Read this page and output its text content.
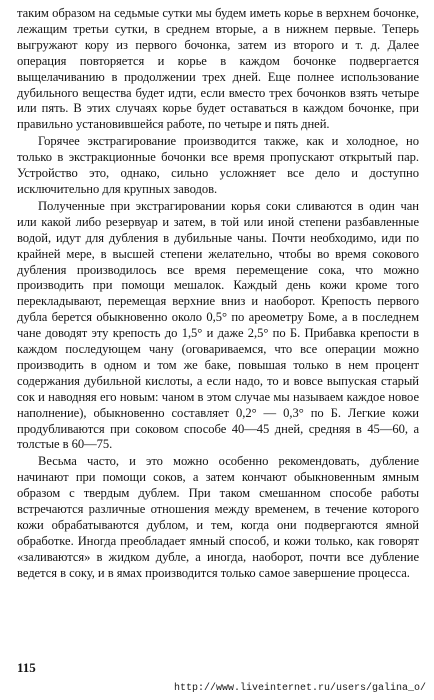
таким образом на седьмые сутки мы будем иметь корье в верхнем бочонке, лежащим третьи сутки, в среднем вторые, а в нижнем первые. Теперь выгружают кору из первого бочонка, затем из второго и т. д. Далее операция повторяется и корье в каждом бочонке подвергается выщелачиванию в продолжении трех дней. Еще полнее использование дубильного вещества будет идти, если вместо трех бочонков взять четыре или пять. В этих случаях корье будет оставаться в каждом бочонке, при правильно установившейся работе, по четыре и пять дней.

Горячее экстрагирование производится также, как и холодное, но только в экстракционные бочонки все время пропускают открытый пар. Устройство это, однако, сильно усложняет все дело и доступно исключительно для крупных заводов.

Полученные при экстрагировании корья соки сливаются в один чан или какой либо резервуар и затем, в той или иной степени разбавленные водой, идут для дубления в дубильные чаны. Почти необходимо, иди по крайней мере, в высшей степени желательно, чтобы во время сокового дубления производилось все время перемещение сока, что можно производить при помощи мешалок. Каждый день кожи кроме того перекладывают, перемещая верхние вниз и наоборот. Крепость первого дубла берется обыкновенно около 0,5° по ареометру Боме, а в последнем чане доводят эту крепость до 1,5° и даже 2,5° по Б. Прибавка крепости в каждом последующем чану (оговариваемся, что все операции можно производить в одном и том же баке, повышая только в нем процент содержания дубильной кислоты, а если надо, то и вовсе выпуская старый сок и наводняя его новым: чаном в этом случае мы называем каждое новое наполнение), обыкновенно составляет 0,2° — 0,3° по Б. Легкие кожи продубливаются при соковом способе 40—45 дней, средняя в 45—60, а толстые в 60—75.

Весьма часто, и это можно особенно рекомендовать, дубление начинают при помощи соков, а затем кончают обыкновенным ямным образом с твердым дублем. При таком смешанном способе работы встречаются различные отношения между временем, в течение которого кожи обрабатываются дублом, и тем, когда они подвергаются ямной обработке. Иногда преобладает ямный способ, и кожи только, как говорят «заливаются» в жидком дубле, а иногда, наоборот, почти все дубление ведется в соку, и в ямах производится только самое завершение процесса.

115
http://www.liveinternet.ru/users/galina_o/
